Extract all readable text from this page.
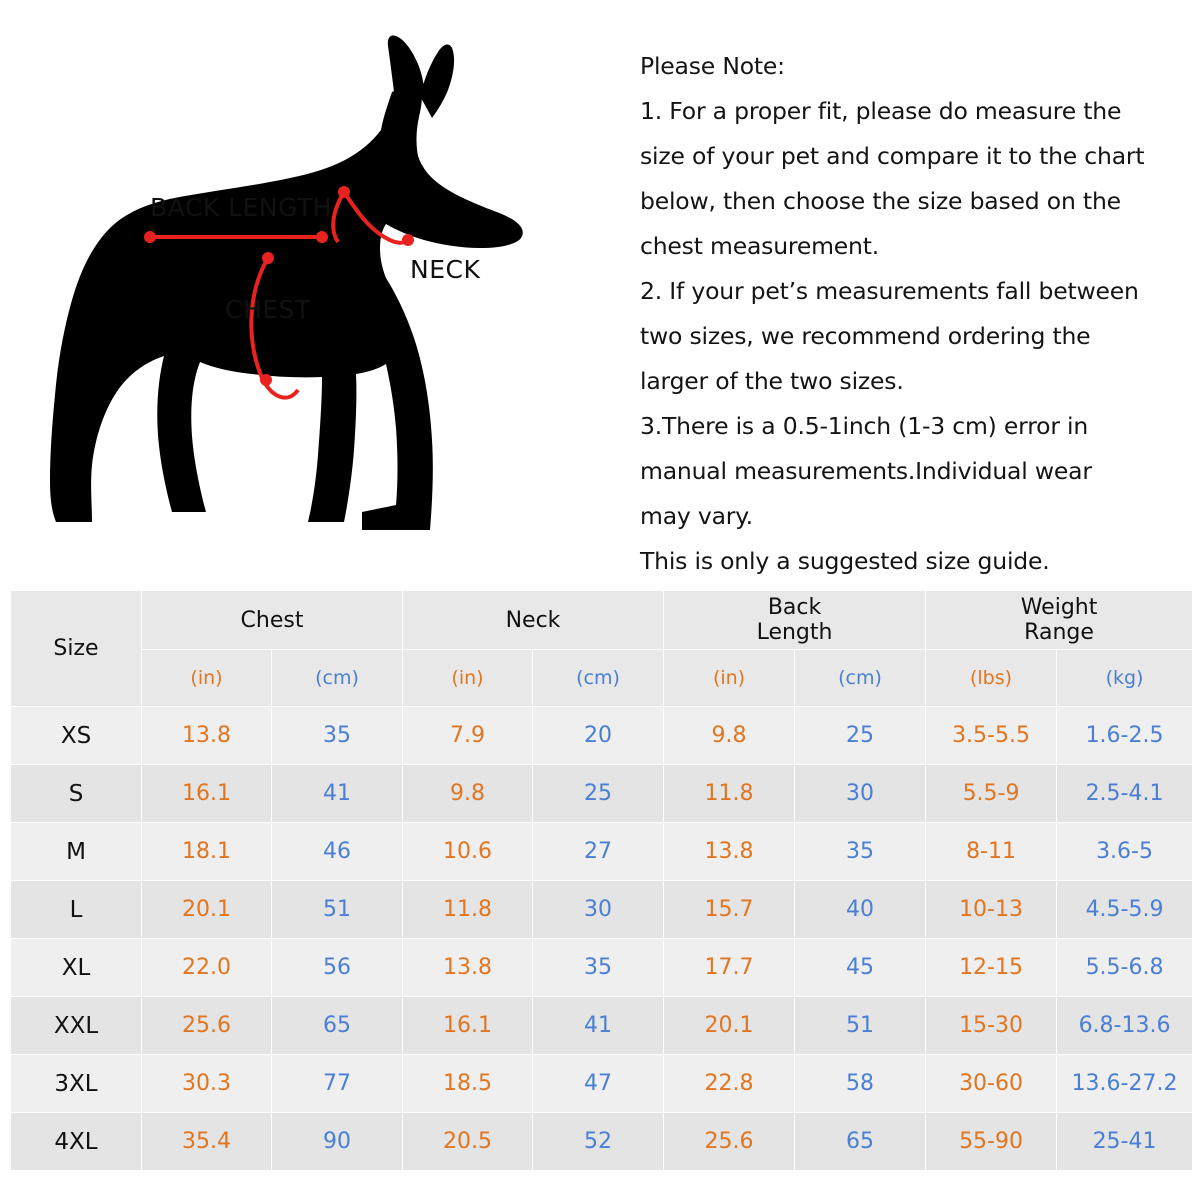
BACK LENGTH
NECK
CHEST

Please Note:

1. For a proper fit, please do measure the

size of your pet and compare it to the chart

below, then choose the size based on the

chest measurement.

2. If your pet’s measurements fall between

two sizes, we recommend ordering the

larger of the two sizes.

3.There is a 0.5-1inch (1-3 cm) error in

manual measurements.Individual wear

may vary.

This is only a suggested size guide.

Size	Chest		Neck		Back
Length		Weight
Range	
	(in)	(cm)	(in)	(cm)	(in)	(cm)	(lbs)	(kg)
XS	13.8	35	7.9	20	9.8	25	3.5-5.5	1.6-2.5
S	16.1	41	9.8	25	11.8	30	5.5-9	2.5-4.1
M	18.1	46	10.6	27	13.8	35	8-11	3.6-5
L	20.1	51	11.8	30	15.7	40	10-13	4.5-5.9
XL	22.0	56	13.8	35	17.7	45	12-15	5.5-6.8
XXL	25.6	65	16.1	41	20.1	51	15-30	6.8-13.6
3XL	30.3	77	18.5	47	22.8	58	30-60	13.6-27.2
4XL	35.4	90	20.5	52	25.6	65	55-90	25-41
